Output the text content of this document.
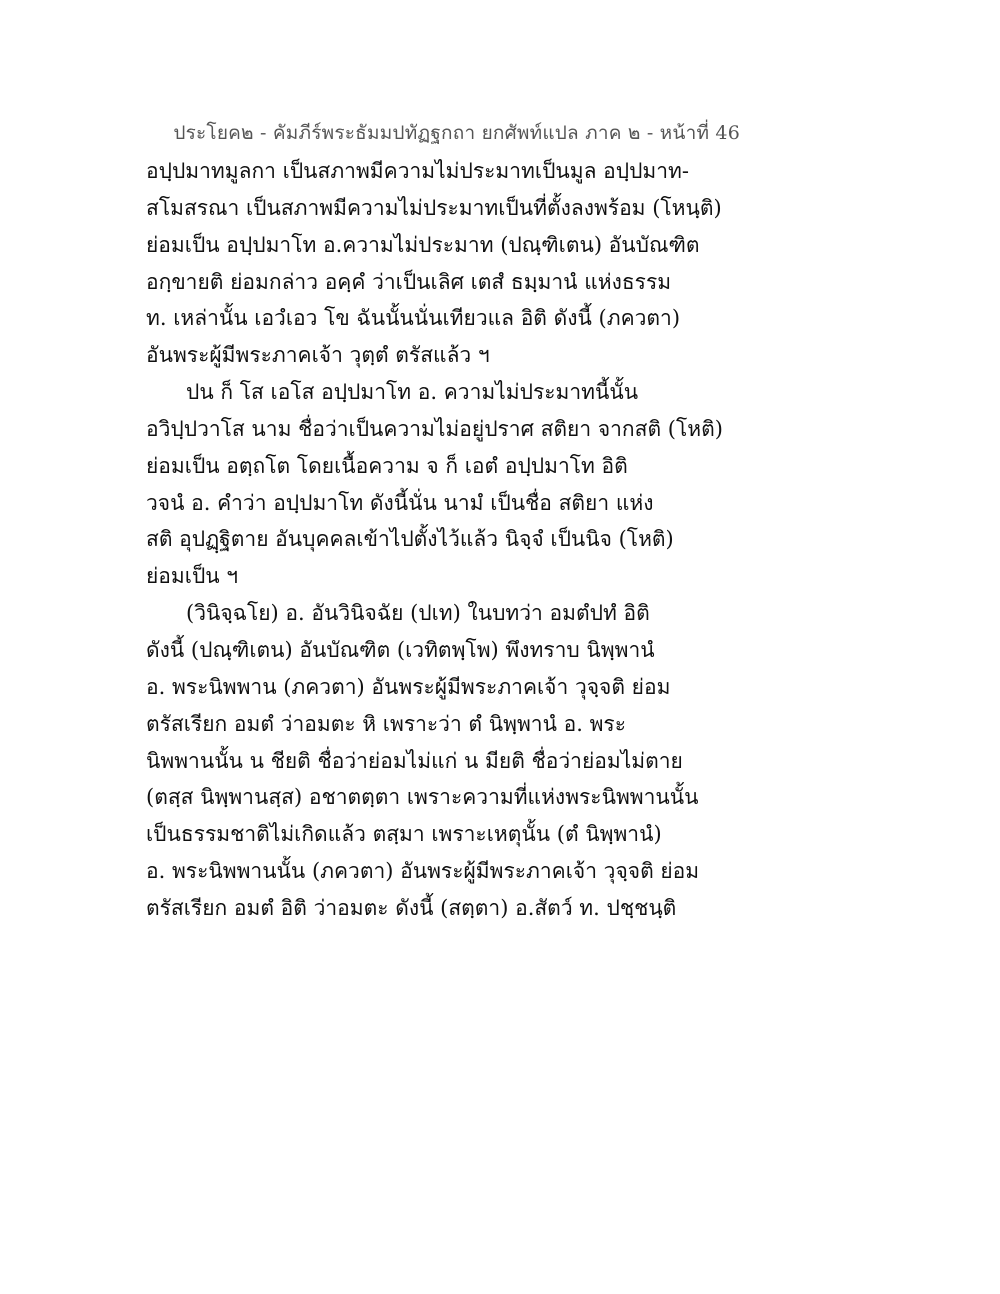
ประโยค๒ - คัมภีร์พระธัมมปทัฏฐกถา ยกศัพท์แปล ภาค ๒ - หน้าที่ 46
อปฺปมาทมูลกา เป็นสภาพมีความไม่ประมาทเป็นมูล อปฺปมาท-
สโมสรณา เป็นสภาพมีความไม่ประมาทเป็นที่ตั้งลงพร้อม (โหนฺติ)
ย่อมเป็น อปฺปมาโท อ.ความไม่ประมาท (ปณฺฑิเตน) อันบัณฑิต
อกฺขายติ ย่อมกล่าว อคฺคํ ว่าเป็นเลิศ เตสํ ธมฺมานํ แห่งธรรม
ท. เหล่านั้น เอวํเอว โข ฉันนั้นนั่นเทียวแล อิติ ดังนี้ (ภควตา)
อันพระผู้มีพระภาคเจ้า วุตฺตํ ตรัสแล้ว ฯ
ปน ก็ โส เอโส อปฺปมาโท อ. ความไม่ประมาทนี้นั้น
อวิปฺปวาโส นาม ชื่อว่าเป็นความไม่อยู่ปราศ สติยา จากสติ (โหติ)
ย่อมเป็น อตฺถโต โดยเนื้อความ จ ก็ เอตํ อปฺปมาโท อิติ
วจนํ อ. คำว่า อปฺปมาโท ดังนี้นั่น นามํ เป็นชื่อ สติยา แห่ง
สติ อุปฏฺฐิตาย อันบุคคลเข้าไปตั้งไว้แล้ว นิจฺจํ เป็นนิจ (โหติ)
ย่อมเป็น ฯ
(วินิจฺฉโย) อ. อันวินิจฉัย (ปเท) ในบทว่า อมตํปทํ อิติ
ดังนี้ (ปณฺฑิเตน) อันบัณฑิต (เวทิตพฺโพ) พึงทราบ นิพฺพานํ
อ. พระนิพพาน (ภควตา) อันพระผู้มีพระภาคเจ้า วุจฺจติ ย่อม
ตรัสเรียก อมตํ ว่าอมตะ หิ เพราะว่า ตํ นิพฺพานํ อ. พระ
นิพพานนั้น น ชียติ ชื่อว่าย่อมไม่แก่ น มียติ ชื่อว่าย่อมไม่ตาย
(ตสฺส นิพฺพานสฺส) อชาตตฺตา เพราะความที่แห่งพระนิพพานนั้น
เป็นธรรมชาติไม่เกิดแล้ว ตสฺมา เพราะเหตุนั้น (ตํ นิพฺพานํ)
อ. พระนิพพานนั้น (ภควตา) อันพระผู้มีพระภาคเจ้า วุจฺจติ ย่อม
ตรัสเรียก อมตํ อิติ ว่าอมตะ ดังนี้ (สตฺตา) อ.สัตว์ ท. ปชฺชนฺติ
